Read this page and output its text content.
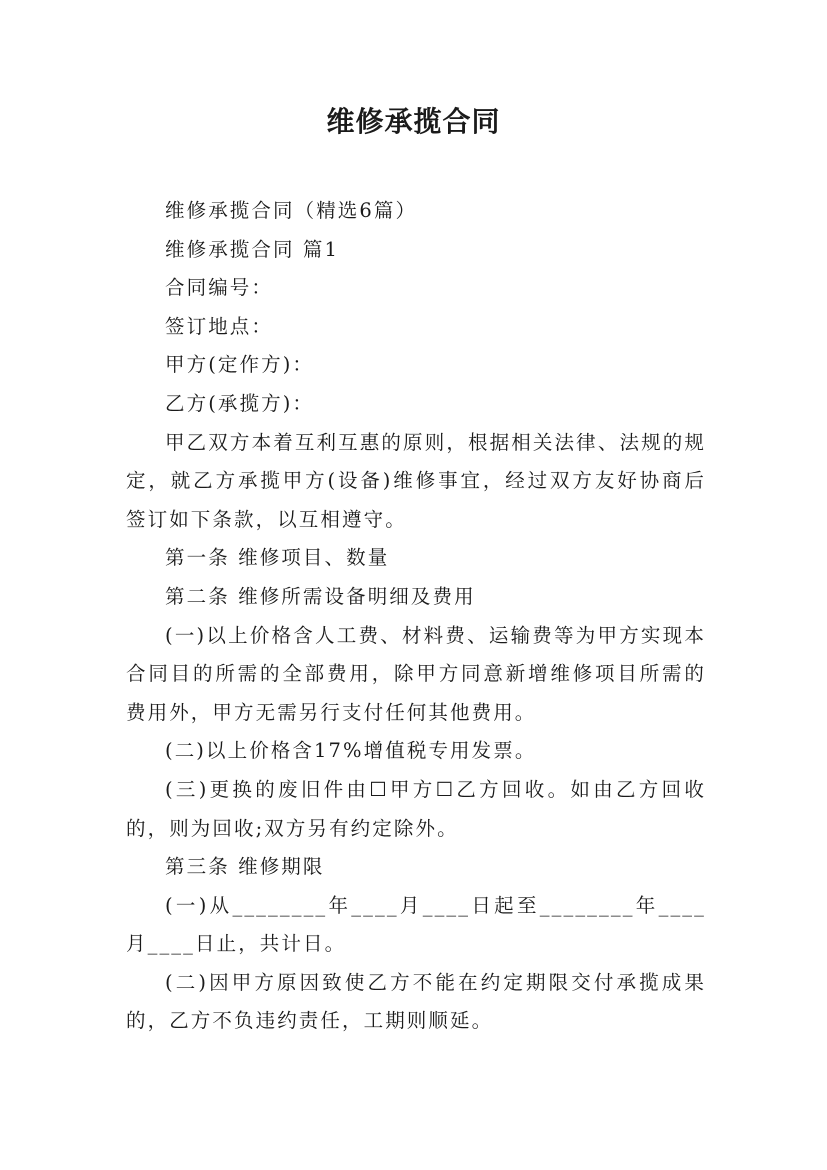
维修承揽合同

维修承揽合同（精选6篇）

维修承揽合同 篇1

合同编号：

签订地点：

甲方(定作方)：

乙方(承揽方)：

甲乙双方本着互利互惠的原则，根据相关法律、法规的规定，就乙方承揽甲方(设备)维修事宜，经过双方友好协商后签订如下条款，以互相遵守。

第一条 维修项目、数量

第二条 维修所需设备明细及费用

(一)以上价格含人工费、材料费、运输费等为甲方实现本合同目的所需的全部费用，除甲方同意新增维修项目所需的费用外，甲方无需另行支付任何其他费用。

(二)以上价格含17%增值税专用发票。

(三)更换的废旧件由☐甲方☐乙方回收。如由乙方回收的，则为回收;双方另有约定除外。

第三条 维修期限

(一)从________年____月____日起至________年____月____日止，共计日。

(二)因甲方原因致使乙方不能在约定期限交付承揽成果的，乙方不负违约责任，工期则顺延。
